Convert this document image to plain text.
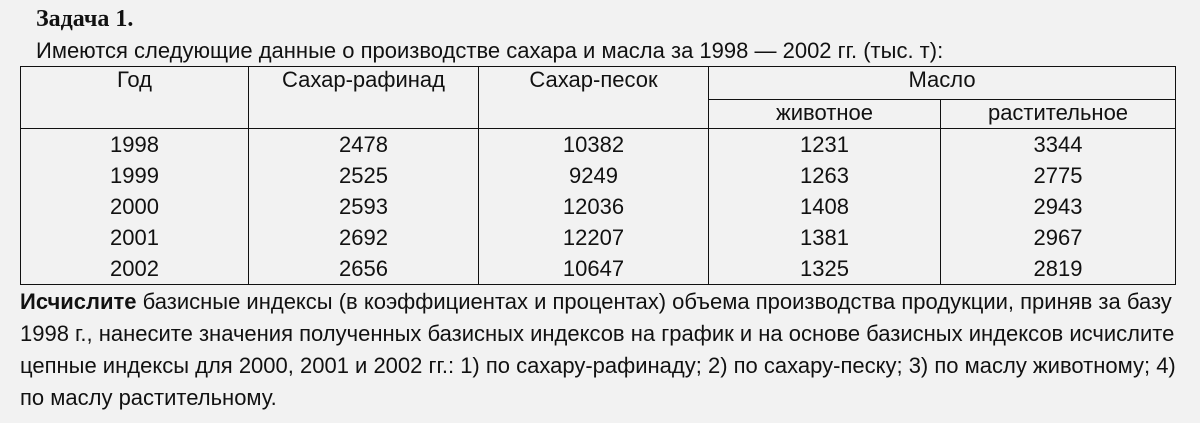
Задача 1.
Имеются следующие данные о производстве сахара и масла за 1998 — 2002 гг. (тыс. т):
Год	Сахар-рафинад	Сахар-песок	Масло	
			животное	растительное
1998	2478	10382	1231	3344
1999	2525	9249	1263	2775
2000	2593	12036	1408	2943
2001	2692	12207	1381	2967
2002	2656	10647	1325	2819
Исчислите базисные индексы (в коэффициентах и процентах) объема производства продукции, приняв за базу 1998 г., нанесите значения полученных базисных индексов на график и на основе базисных индексов исчислите цепные индексы для 2000, 2001 и 2002 гг.: 1) по сахару-рафинаду; 2) по сахару-песку; 3) по маслу животному; 4) по маслу растительному.
